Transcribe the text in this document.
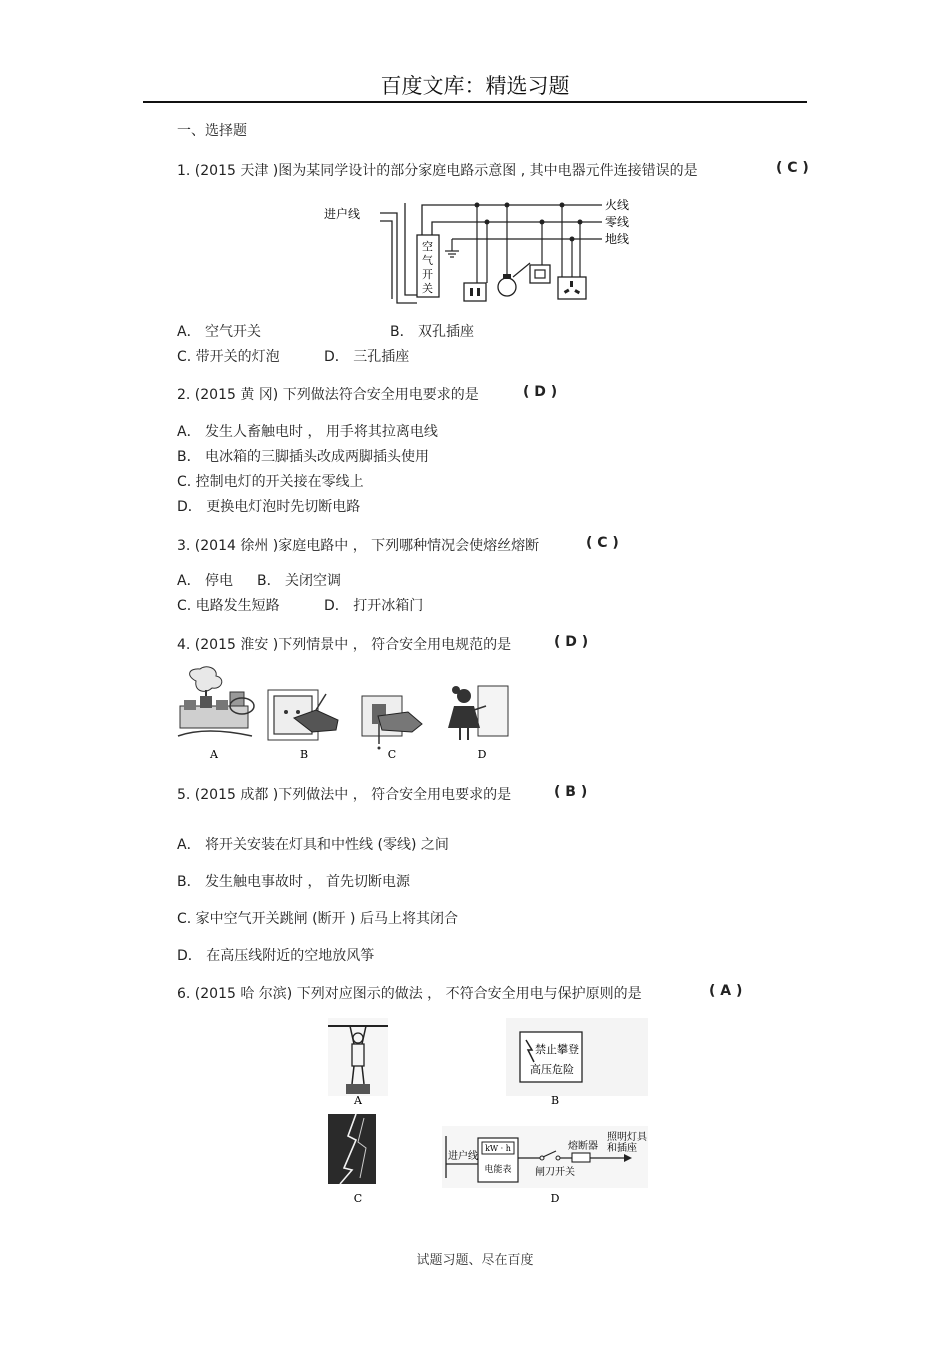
百度文库：精选习题
一、选择题
1. (2015 天津 )图为某同学设计的部分家庭电路示意图 , 其中电器元件连接错误的是	( C )
进户线
空
气
开
关
火线
零线
地线
A． 空气开关	B． 双孔插座
C. 带开关的灯泡	D． 三孔插座
2. (2015 黄 冈) 下列做法符合安全用电要求的是	( D )
A． 发生人畜触电时 ， 用手将其拉离电线
B． 电冰箱的三脚插头改成两脚插头使用
C. 控制电灯的开关接在零线上
D． 更换电灯泡时先切断电路
3. (2014 徐州 )家庭电路中 ， 下列哪种情况会使熔丝熔断	( C )
A． 停电 B． 关闭空调
C. 电路发生短路	D． 打开冰箱门
4. (2015 淮安 )下列情景中 ， 符合安全用电规范的是	( D )
A	B	C	D
5. (2015 成都 )下列做法中 ， 符合安全用电要求的是	( B )
A． 将开关安装在灯具和中性线 (零线) 之间
B． 发生触电事故时 ， 首先切断电源
C. 家中空气开关跳闸 (断开 ) 后马上将其闭合
D． 在高压线附近的空地放风筝
6. (2015 哈 尔滨) 下列对应图示的做法 ， 不符合安全用电与保护原则的是	( A )
A
禁止攀登
高压危险
B
C
进户线
kW · h
电能表 闸刀开关
熔断器
照明灯具
和插座
D
试题习题、尽在百度
